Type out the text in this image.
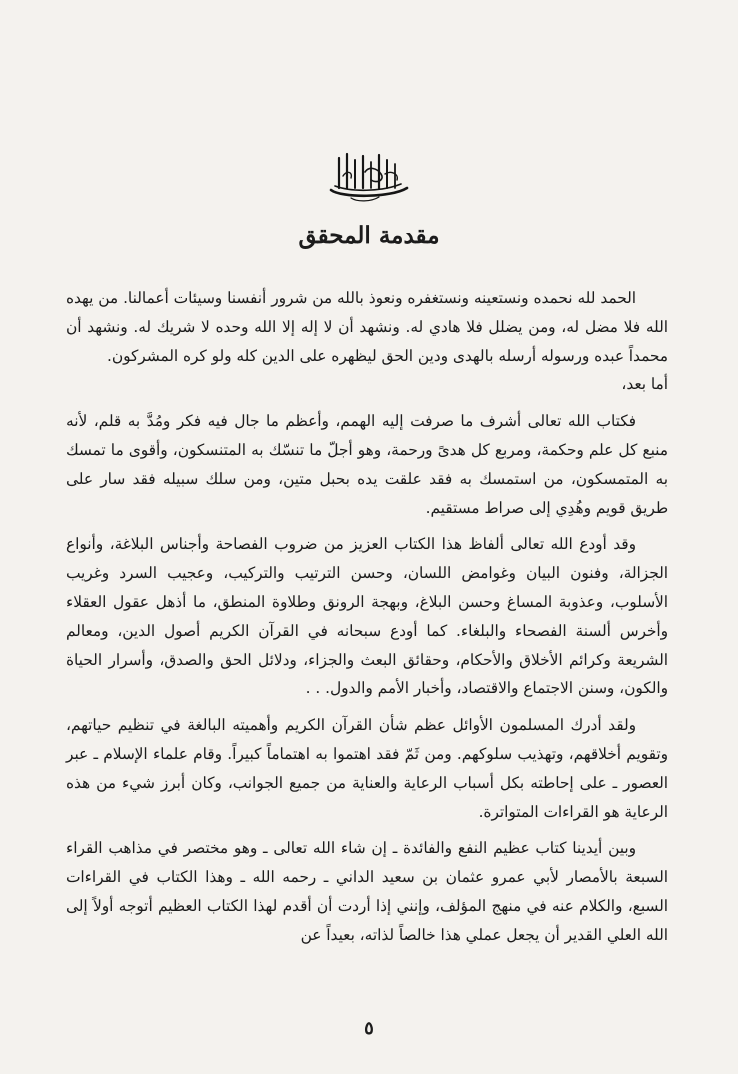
مقدمة المحقق

الحمد لله نحمده ونستعينه ونستغفره ونعوذ بالله من شرور أنفسنا وسيئات أعمالنا. من يهده الله فلا مضل له، ومن يضلل فلا هادي له. ونشهد أن لا إله إلا الله وحده لا شريك له. ونشهد أن محمداً عبده ورسوله أرسله بالهدى ودين الحق ليظهره على الدين كله ولو كره المشركون.

أما بعد،

فكتاب الله تعالى أشرف ما صرفت إليه الهمم، وأعظم ما جال فيه فكر ومُدَّ به قلم، لأنه منبع كل علم وحكمة، ومربع كل هدىً ورحمة، وهو أجلّ ما تنسّك به المتنسكون، وأقوى ما تمسك به المتمسكون، من استمسك به فقد علقت يده بحبل متين، ومن سلك سبيله فقد سار على طريق قويم وهُدِي إلى صراط مستقيم.

وقد أودع الله تعالى ألفاظ هذا الكتاب العزيز من ضروب الفصاحة وأجناس البلاغة، وأنواع الجزالة، وفنون البيان وغوامض اللسان، وحسن الترتيب والتركيب، وعجيب السرد وغريب الأسلوب، وعذوبة المساغ وحسن البلاغ، وبهجة الرونق وطلاوة المنطق، ما أذهل عقول العقلاء وأخرس ألسنة الفصحاء والبلغاء. كما أودع سبحانه في القرآن الكريم أصول الدين، ومعالم الشريعة وكرائم الأخلاق والأحكام، وحقائق البعث والجزاء، ودلائل الحق والصدق، وأسرار الحياة والكون، وسنن الاجتماع والاقتصاد، وأخبار الأمم والدول. . .

ولقد أدرك المسلمون الأوائل عظم شأن القرآن الكريم وأهميته البالغة في تنظيم حياتهم، وتقويم أخلاقهم، وتهذيب سلوكهم. ومن ثَمّ فقد اهتموا به اهتماماً كبيراً. وقام علماء الإسلام ـ عبر العصور ـ على إحاطته بكل أسباب الرعاية والعناية من جميع الجوانب، وكان أبرز شيء من هذه الرعاية هو القراءات المتواترة.

وبين أيدينا كتاب عظيم النفع والفائدة ـ إن شاء الله تعالى ـ وهو مختصر في مذاهب القراء السبعة بالأمصار لأبي عمرو عثمان بن سعيد الداني ـ رحمه الله ـ وهذا الكتاب في القراءات السبع، والكلام عنه في منهج المؤلف، وإنني إذا أردت أن أقدم لهذا الكتاب العظيم أتوجه أولاً إلى الله العلي القدير أن يجعل عملي هذا خالصاً لذاته، بعيداً عن

٥
